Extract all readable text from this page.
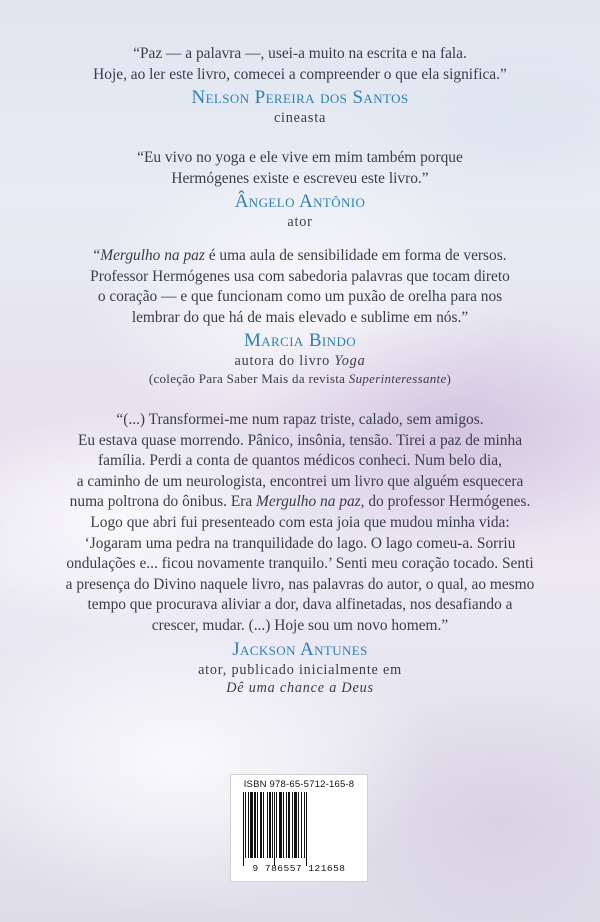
“Paz — a palavra —, usei-a muito na escrita e na fala.
Hoje, ao ler este livro, comecei a compreender o que ela significa.”

Nelson Pereira dos Santos
cineasta

“Eu vivo no yoga e ele vive em mim também porque
Hermógenes existe e escreveu este livro.”

Ângelo Antônio
ator

“Mergulho na paz é uma aula de sensibilidade em forma de versos.
Professor Hermógenes usa com sabedoria palavras que tocam direto
o coração — e que funcionam como um puxão de orelha para nos
lembrar do que há de mais elevado e sublime em nós.”

Marcia Bindo
autora do livro Yoga
(coleção Para Saber Mais da revista Superinteressante)

“(...) Transformei-me num rapaz triste, calado, sem amigos.
Eu estava quase morrendo. Pânico, insônia, tensão. Tirei a paz de minha
família. Perdi a conta de quantos médicos conheci. Num belo dia,
a caminho de um neurologista, encontrei um livro que alguém esquecera
numa poltrona do ônibus. Era Mergulho na paz, do professor Hermógenes.
Logo que abri fui presenteado com esta joia que mudou minha vida:
‘Jogaram uma pedra na tranquilidade do lago. O lago comeu-a. Sorriu
ondulações e... ficou novamente tranquilo.’ Senti meu coração tocado. Senti
a presença do Divino naquele livro, nas palavras do autor, o qual, ao mesmo
tempo que procurava aliviar a dor, dava alfinetadas, nos desafiando a
crescer, mudar. (...) Hoje sou um novo homem.”

Jackson Antunes
ator, publicado inicialmente em
Dê uma chance a Deus
ISBN 978-65-5712-165-8
9 786557 121658
